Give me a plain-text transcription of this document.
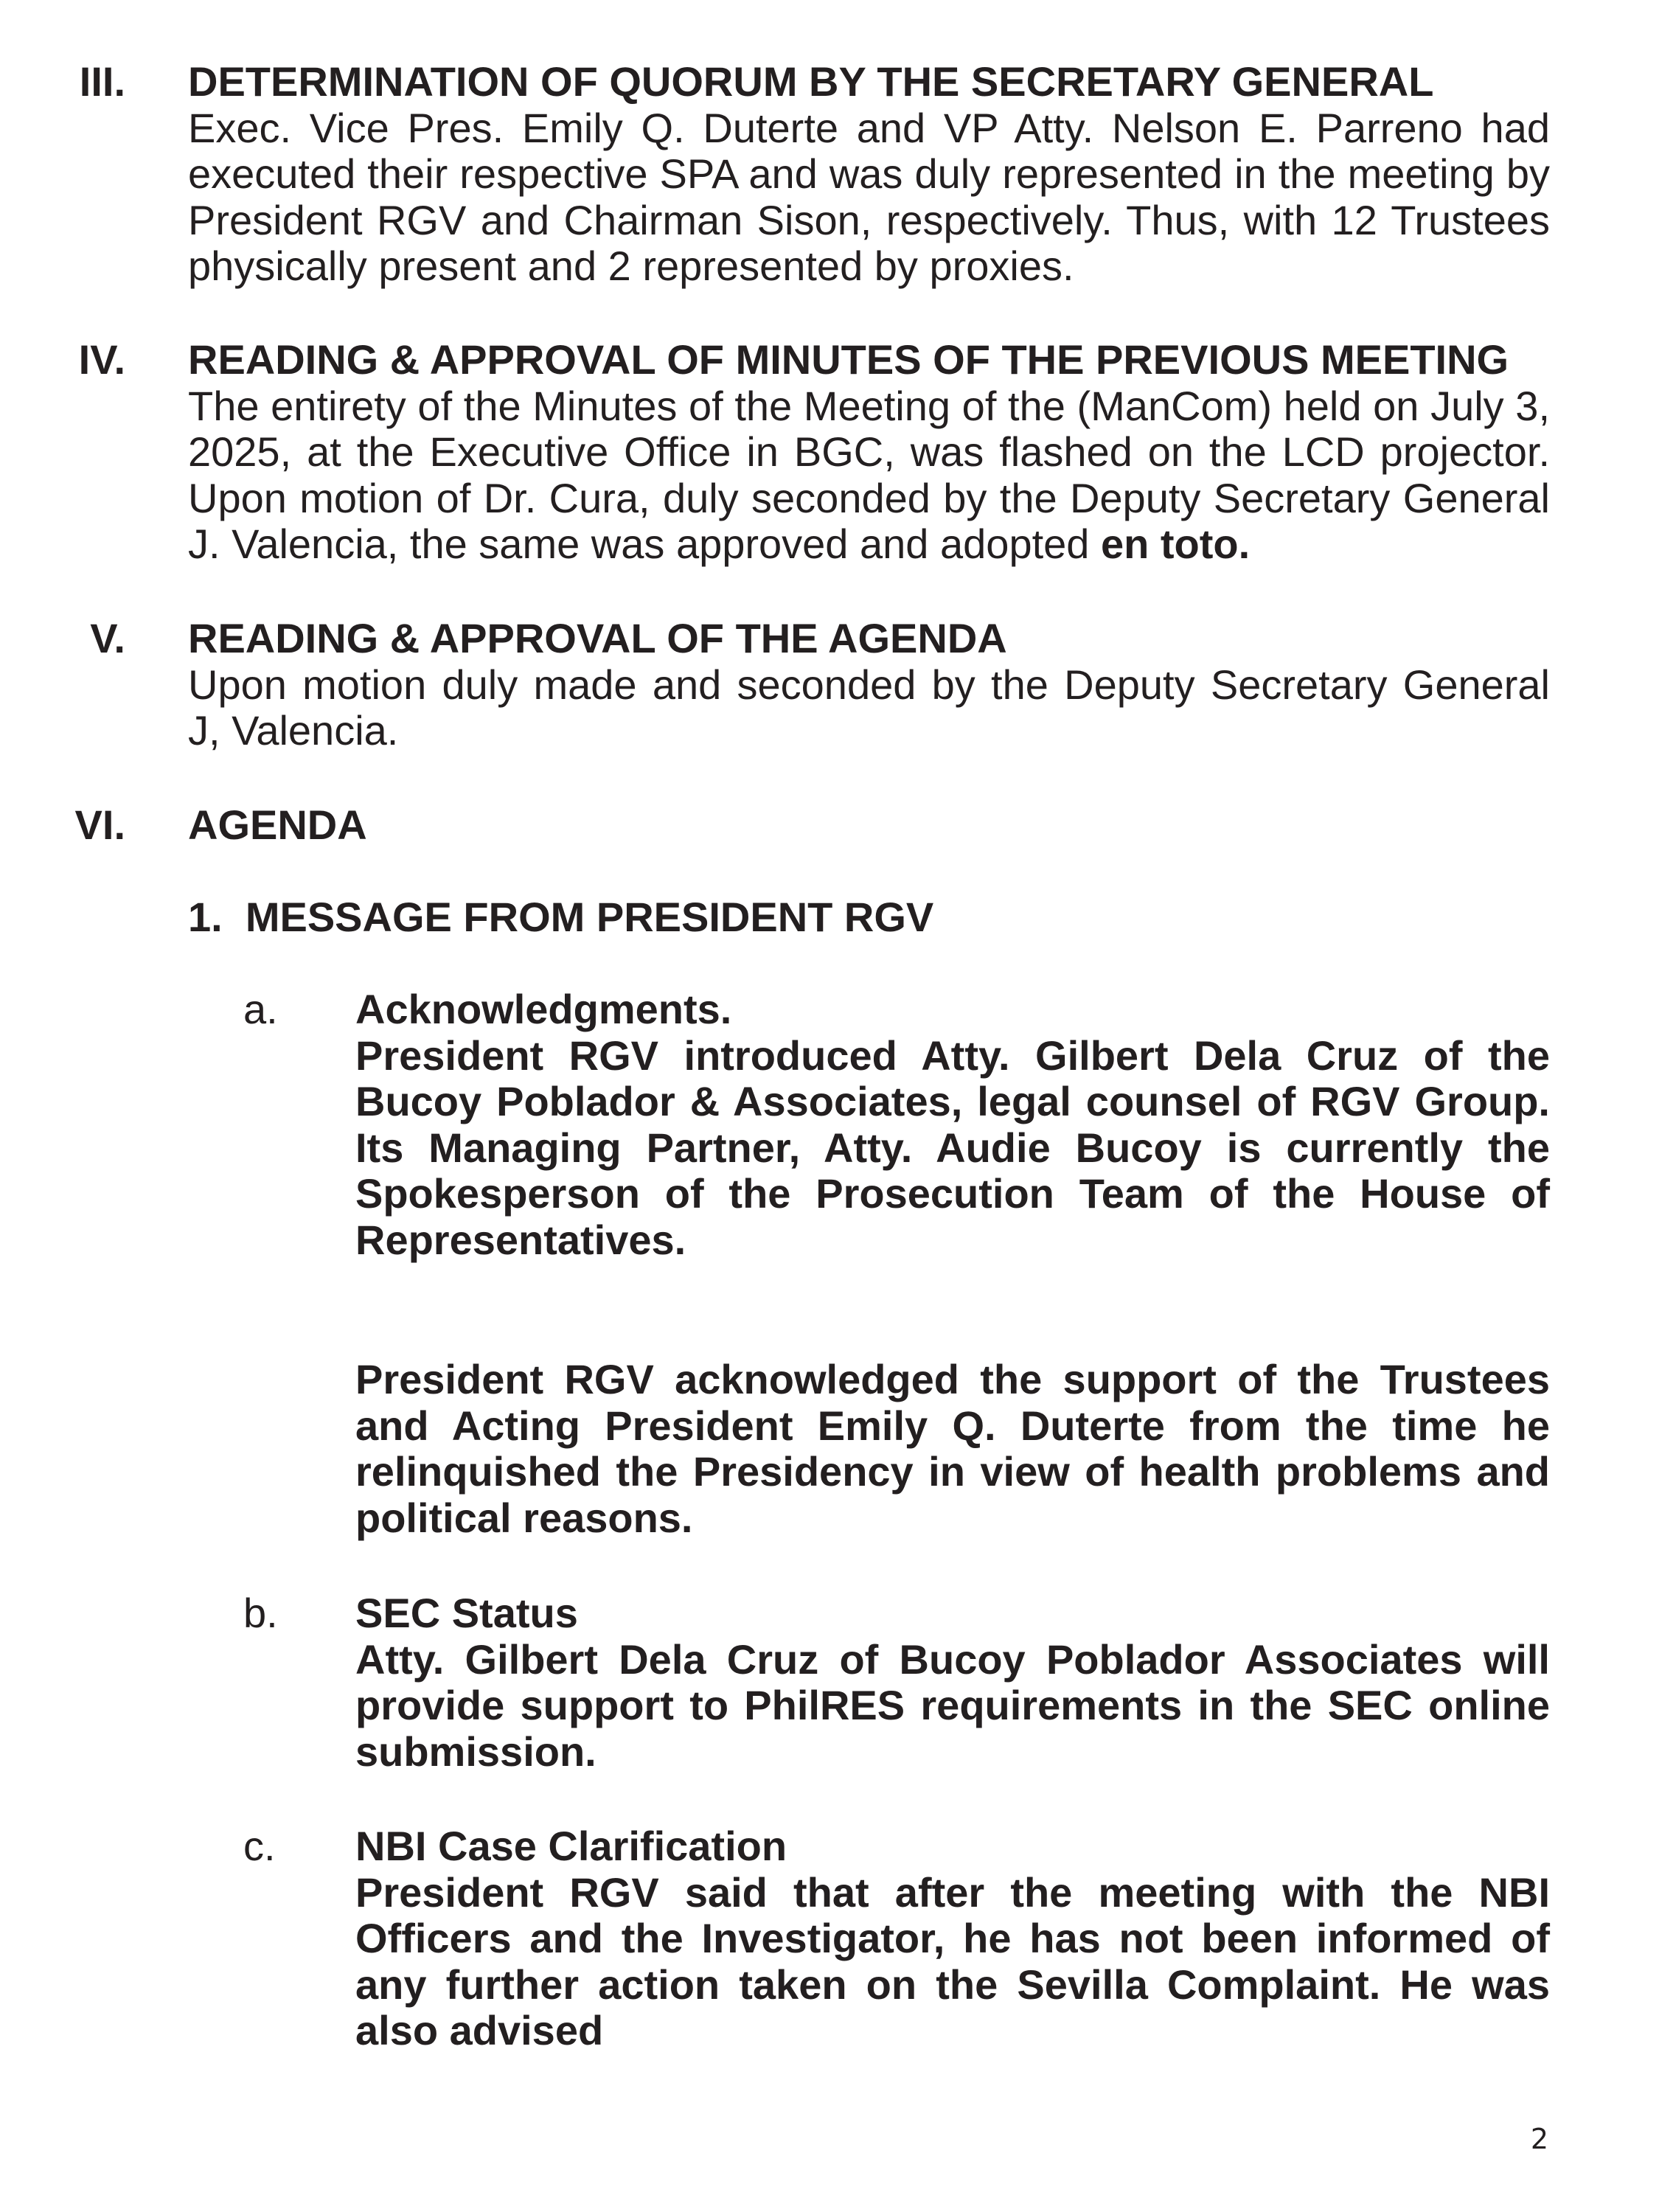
III. DETERMINATION OF QUORUM BY THE SECRETARY GENERAL
Exec. Vice Pres. Emily Q. Duterte and VP Atty. Nelson E. Parreno had executed their respective SPA and was duly represented in the meeting by President RGV and Chairman Sison, respectively. Thus, with 12 Trustees physically present and 2 represented by proxies.
IV. READING & APPROVAL OF MINUTES OF THE PREVIOUS MEETING
The entirety of the Minutes of the Meeting of the (ManCom) held on July 3, 2025, at the Executive Office in BGC, was flashed on the LCD projector. Upon motion of Dr. Cura, duly seconded by the Deputy Secretary General J. Valencia, the same was approved and adopted en toto.
V. READING & APPROVAL OF THE AGENDA
Upon motion duly made and seconded by the Deputy Secretary General J, Valencia.
VI. AGENDA
1.  MESSAGE FROM PRESIDENT RGV
a. Acknowledgments.
President RGV introduced Atty. Gilbert Dela Cruz of the Bucoy Poblador & Associates, legal counsel of RGV Group. Its Managing Partner, Atty. Audie Bucoy is currently the Spokesperson of the Prosecution Team of the House of Representatives.
President RGV acknowledged the support of the Trustees and Acting President Emily Q. Duterte from the time he relinquished the Presidency in view of health problems and political reasons.
b. SEC Status
Atty. Gilbert Dela Cruz of Bucoy Poblador Associates will provide support to PhilRES requirements in the SEC online submission.
c. NBI Case Clarification
President RGV said that after the meeting with the NBI Officers and the Investigator, he has not been informed of any further action taken on the Sevilla Complaint. He was also advised
2
